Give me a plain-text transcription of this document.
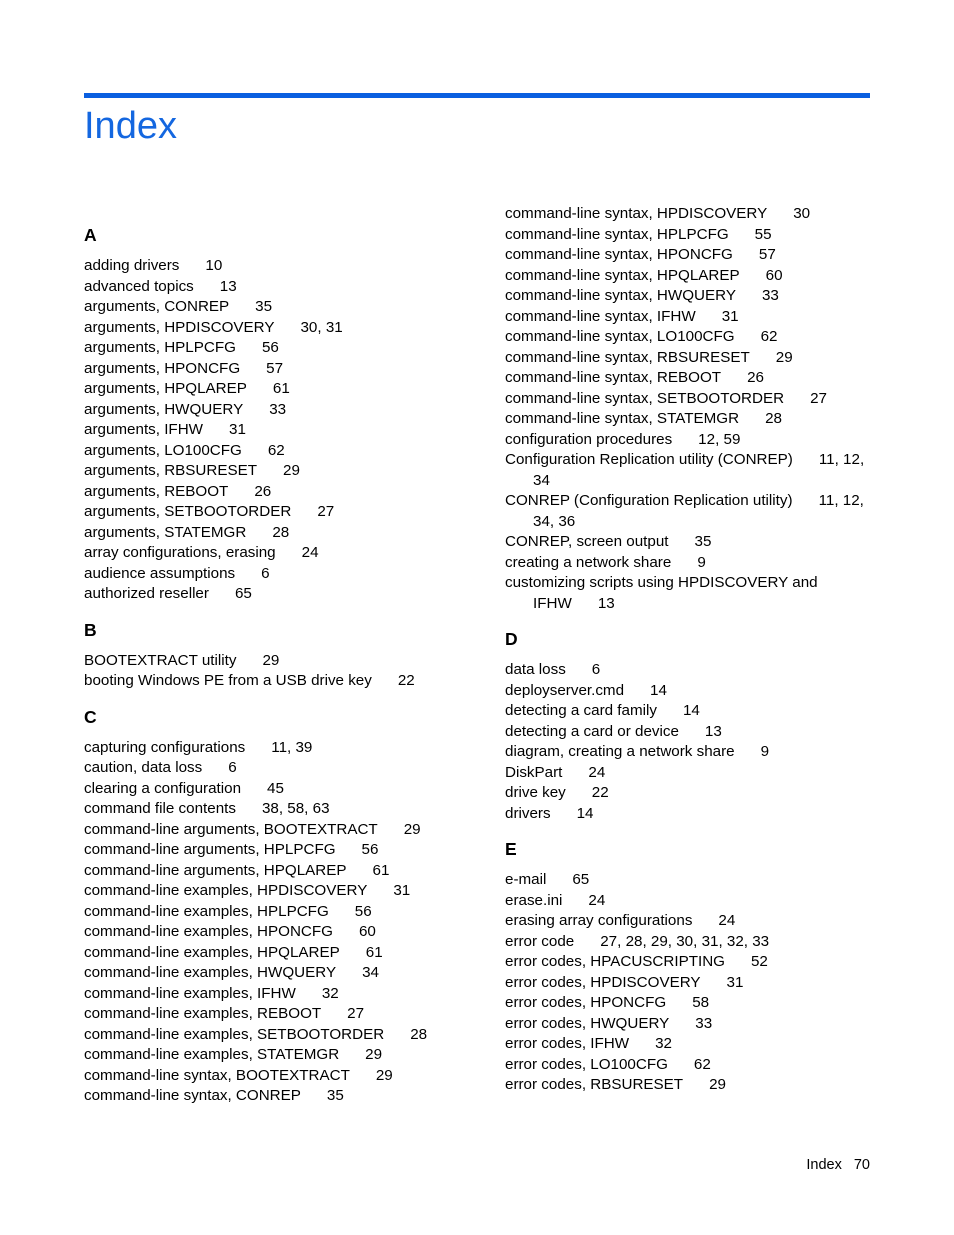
Index
A
adding drivers 10
advanced topics 13
arguments, CONREP 35
arguments, HPDISCOVERY 30, 31
arguments, HPLPCFG 56
arguments, HPONCFG 57
arguments, HPQLAREP 61
arguments, HWQUERY 33
arguments, IFHW 31
arguments, LO100CFG 62
arguments, RBSURESET 29
arguments, REBOOT 26
arguments, SETBOOTORDER 27
arguments, STATEMGR 28
array configurations, erasing 24
audience assumptions 6
authorized reseller 65
B
BOOTEXTRACT utility 29
booting Windows PE from a USB drive key 22
C
capturing configurations 11, 39
caution, data loss 6
clearing a configuration 45
command file contents 38, 58, 63
command-line arguments, BOOTEXTRACT 29
command-line arguments, HPLPCFG 56
command-line arguments, HPQLAREP 61
command-line examples, HPDISCOVERY 31
command-line examples, HPLPCFG 56
command-line examples, HPONCFG 60
command-line examples, HPQLAREP 61
command-line examples, HWQUERY 34
command-line examples, IFHW 32
command-line examples, REBOOT 27
command-line examples, SETBOOTORDER 28
command-line examples, STATEMGR 29
command-line syntax, BOOTEXTRACT 29
command-line syntax, CONREP 35
command-line syntax, HPDISCOVERY 30
command-line syntax, HPLPCFG 55
command-line syntax, HPONCFG 57
command-line syntax, HPQLAREP 60
command-line syntax, HWQUERY 33
command-line syntax, IFHW 31
command-line syntax, LO100CFG 62
command-line syntax, RBSURESET 29
command-line syntax, REBOOT 26
command-line syntax, SETBOOTORDER 27
command-line syntax, STATEMGR 28
configuration procedures 12, 59
Configuration Replication utility (CONREP) 11, 12, 34
CONREP (Configuration Replication utility) 11, 12, 34, 36
CONREP, screen output 35
creating a network share 9
customizing scripts using HPDISCOVERY and IFHW 13
D
data loss 6
deployserver.cmd 14
detecting a card family 14
detecting a card or device 13
diagram, creating a network share 9
DiskPart 24
drive key 22
drivers 14
E
e-mail 65
erase.ini 24
erasing array configurations 24
error code 27, 28, 29, 30, 31, 32, 33
error codes, HPACUSCRIPTING 52
error codes, HPDISCOVERY 31
error codes, HPONCFG 58
error codes, HWQUERY 33
error codes, IFHW 32
error codes, LO100CFG 62
error codes, RBSURESET 29
Index 70
